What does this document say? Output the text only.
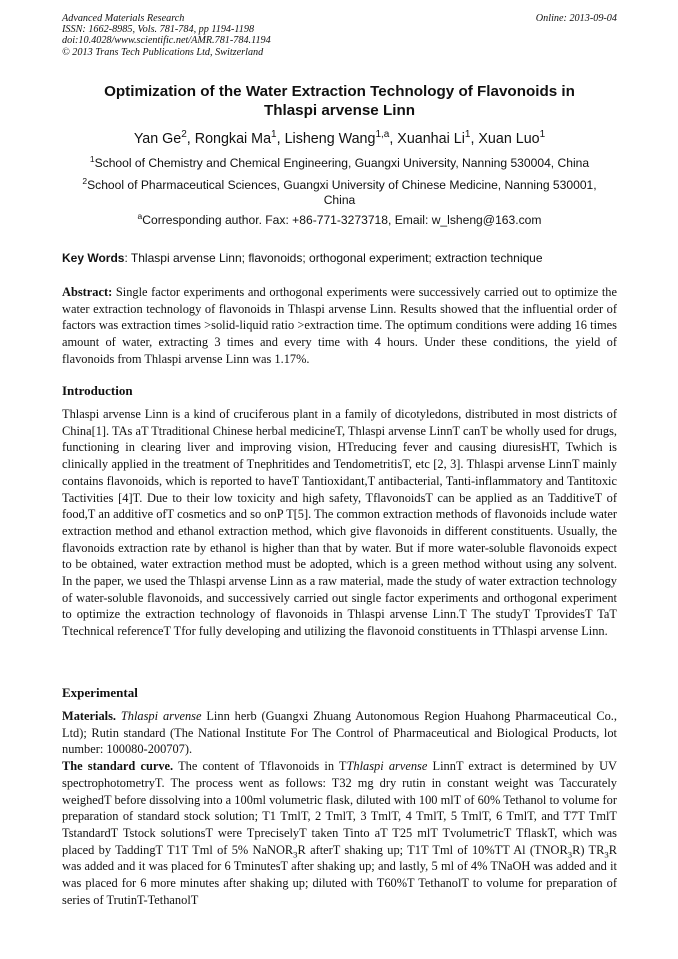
Advanced Materials Research
ISSN: 1662-8985, Vols. 781-784, pp 1194-1198
doi:10.4028/www.scientific.net/AMR.781-784.1194
© 2013 Trans Tech Publications Ltd, Switzerland
Online: 2013-09-04
Optimization of the Water Extraction Technology of Flavonoids in
Thlaspi arvense Linn
Yan Ge$^2$, Rongkai Ma$^1$, Lisheng Wang$^{1,a}$, Xuanhai Li$^1$, Xuan Luo$^1$
$^1$School of Chemistry and Chemical Engineering, Guangxi University, Nanning 530004, China
$^2$School of Pharmaceutical Sciences, Guangxi University of Chinese Medicine, Nanning 530001,
China
$^a$Corresponding author. Fax: +86-771-3273718, Email: w_lsheng@163.com
Key Words: Thlaspi arvense Linn; flavonoids; orthogonal experiment; extraction technique
Abstract: Single factor experiments and orthogonal experiments were successively carried out to optimize the water extraction technology of flavonoids in Thlaspi arvense Linn. Results showed that the influential order of factors was extraction times >solid-liquid ratio >extraction time. The optimum conditions were adding 16 times amount of water, extracting 3 times and every time with 4 hours. Under these conditions, the yield of flavonoids from Thlaspi arvense Linn was 1.17%.
Introduction
Thlaspi arvense Linn is a kind of cruciferous plant in a family of dicotyledons, distributed in most districts of China[1]. TAs aT Ttraditional Chinese herbal medicineT, Thlaspi arvense LinnT canT be wholly used for drugs, functioning in clearing liver and improving vision, HTreducing fever and causing diuresisHT, Twhich is clinically applied in the treatment of Tnephritides and TendometritisT, etc [2, 3]. Thlaspi arvense LinnT mainly contains flavonoids, which is reported to haveT Tantioxidant,T antibacterial, Tanti-inflammatory and Tantitoxic Tactivities [4]T. Due to their low toxicity and high safety, TflavonoidsT can be applied as an TadditiveT of food,T an additive ofT cosmetics and so onP T[5]. The common extraction methods of flavonoids include water extraction method and ethanol extraction method, which give flavonoids in different constituents. Usually, the flavonoids extraction rate by ethanol is higher than that by water. But if more water-soluble flavonoids expect to be obtained, water extraction method must be adopted, which is a green method without using any solvent. In the paper, we used the Thlaspi arvense Linn as a raw material, made the study of water extraction technology of water-soluble flavonoids, and successively carried out single factor experiments and orthogonal experiment to optimize the extraction technology of flavonoids in Thlaspi arvense Linn.T The studyT TprovidesT TaT Ttechnical referenceT Tfor fully developing and utilizing the flavonoid constituents in TThlaspi arvense Linn.
Experimental

Materials. Thlaspi arvense Linn herb (Guangxi Zhuang Autonomous Region Huahong Pharmaceutical Co., Ltd); Rutin standard (The National Institute For The Control of Pharmaceutical and Biological Products, lot number: 100080-200707).

The standard curve. The content of Tflavonoids in TThlaspi arvense LinnT extract is determined by UV spectrophotometryT. The process went as follows: T32 mg dry rutin in constant weight was Taccurately weighedT before dissolving into a 100ml volumetric flask, diluted with 100 mlT of 60% Tethanol to volume for preparation of standard stock solution; T1 TmlT, 2 TmlT, 3 TmlT, 4 TmlT, 5 TmlT, 6 TmlT, and T7T TmlT TstandardT Tstock solutionsT were TpreciselyT taken Tinto aT T25 mlT TvolumetricT TflaskT, which was placed by TaddingT T1T Tml of 5% NaNOR$_3$R afterT shaking up; T1T Tml of 10%TT Al $(TNOR_3R)$ $TR_3R$ was added and it was placed for 6 TminutesT after shaking up; and lastly, 5 ml of 4% TNaOH was added and it was placed for 6 more minutes after shaking up; diluted with T60%T TethanolT to volume for preparation of series of TrutinT-TethanolT
